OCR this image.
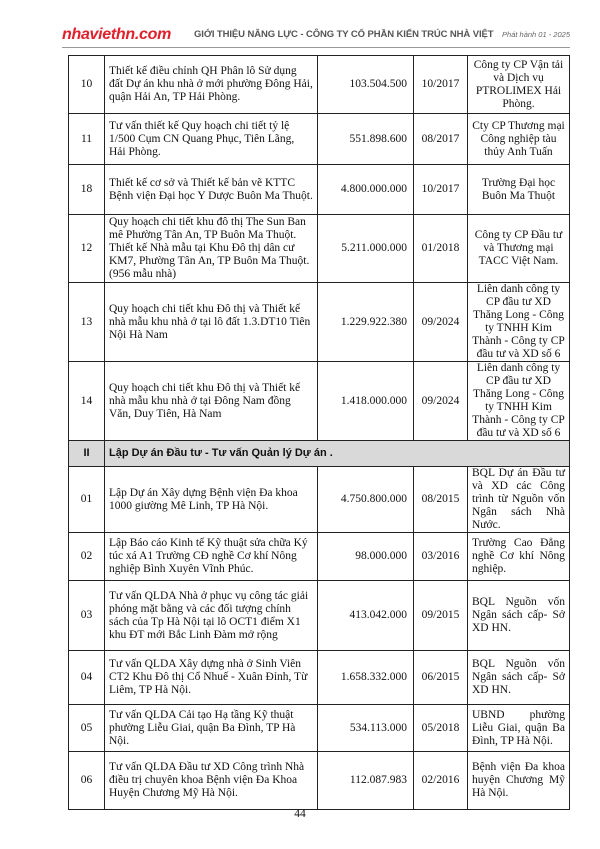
nhaviethn.com GIỚI THIỆU NĂNG LỰC - CÔNG TY CỔ PHẦN KIẾN TRÚC NHÀ VIỆT Phát hành 01 - 2025
10	Thiết kế điều chỉnh QH Phân lô Sử dụng đất Dự án khu nhà ở mới phường Đông Hải, quận Hải An, TP Hải Phòng.	103.504.500	10/2017	Công ty CP Vận tải và Dịch vụ PTROLIMEX Hải Phòng.
11	Tư vấn thiết kế Quy hoạch chi tiết tỷ lệ 1/500 Cụm CN Quang Phục, Tiên Lãng, Hải Phòng.	551.898.600	08/2017	Cty CP Thương mại Công nghiệp tàu thủy Anh Tuấn
18	Thiết kế cơ sở và Thiết kế bản vẽ KTTC Bệnh viện Đại học Y Dược Buôn Ma Thuột.	4.800.000.000	10/2017	Trường Đại học Buôn Ma Thuột
12	Quy hoạch chi tiết khu đô thị The Sun Ban mê Phường Tân An, TP Buôn Ma Thuột. Thiết kế Nhà mẫu tại Khu Đô thị dân cư KM7, Phường Tân An, TP Buôn Ma Thuột. (956 mẫu nhà)	5.211.000.000	01/2018	Công ty CP Đầu tư và Thương mại TACC Việt Nam.
13	Quy hoạch chi tiết khu Đô thị và Thiết kế nhà mẫu khu nhà ở tại lô đất 1.3.DT10 Tiên Nội Hà Nam	1.229.922.380	09/2024	Liên danh công ty CP đầu tư XD Thăng Long - Công ty TNHH Kim Thành - Công ty CP đầu tư và XD số 6
14	Quy hoạch chi tiết khu Đô thị và Thiết kế nhà mẫu khu nhà ở tại Đông Nam đồng Văn, Duy Tiên, Hà Nam	1.418.000.000	09/2024	Liên danh công ty CP đầu tư XD Thăng Long - Công ty TNHH Kim Thành - Công ty CP đầu tư và XD số 6
II	Lập Dự án Đầu tư - Tư vấn Quản lý Dự án .			
01	Lập Dự án Xây dựng Bệnh viện Đa khoa 1000 giường Mê Linh, TP Hà Nội.	4.750.800.000	08/2015	BQL Dự án Đầu tư và XD các Công trình từ Nguồn vốn Ngân sách Nhà Nước.
02	Lập Báo cáo Kinh tế Kỹ thuật sửa chữa Ký túc xá A1 Trường CĐ nghề Cơ khí Nông nghiệp Bình Xuyên Vĩnh Phúc.	98.000.000	03/2016	Trường Cao Đẳng nghề Cơ khí Nông nghiệp.
03	Tư vấn QLDA Nhà ở phục vụ công tác giải phóng mặt bằng và các đối tượng chính sách của Tp Hà Nội tại lô OCT1 điểm X1 khu ĐT mới Bắc Linh Đàm mở rộng	413.042.000	09/2015	BQL Nguồn vốn Ngân sách cấp- Sở XD HN.
04	Tư vấn QLDA Xây dựng nhà ở Sinh Viên CT2 Khu Đô thị Cổ Nhuế - Xuân Đỉnh, Từ Liêm, TP Hà Nội.	1.658.332.000	06/2015	BQL Nguồn vốn Ngân sách cấp- Sở XD HN.
05	Tư vấn QLDA Cải tạo Hạ tầng Kỹ thuật phường Liễu Giai, quận Ba Đình, TP Hà Nội.	534.113.000	05/2018	UBND phường Liễu Giai, quận Ba Đình, TP Hà Nội.
06	Tư vấn QLDA Đầu tư XD Công trình Nhà điều trị chuyên khoa Bệnh viện Đa Khoa Huyện Chương Mỹ Hà Nội.	112.087.983	02/2016	Bệnh viện Đa khoa huyện Chương Mỹ Hà Nội.
44
